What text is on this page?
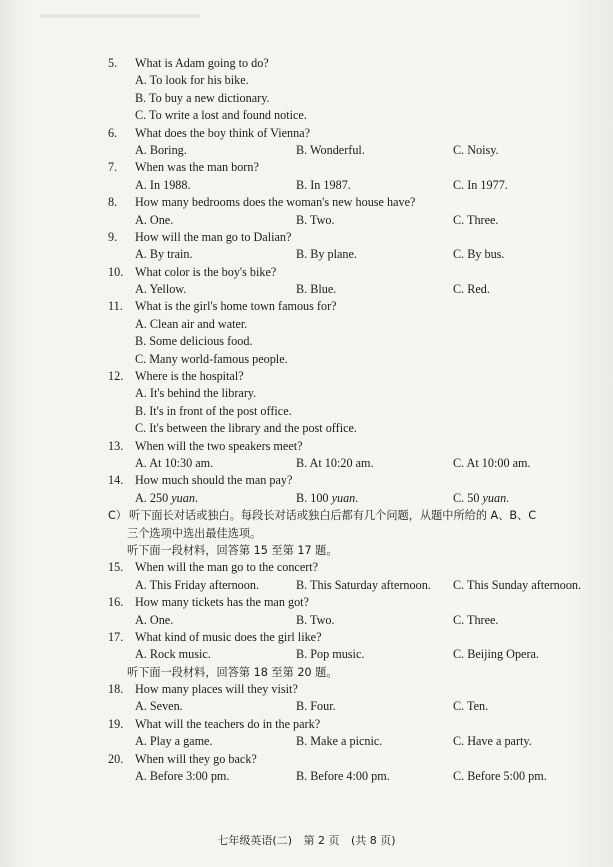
5.	What is Adam going to do?
A. To look for his bike.
B. To buy a new dictionary.
C. To write a lost and found notice.
6.	What does the boy think of Vienna?
A. Boring.	B. Wonderful.	C. Noisy.
7.	When was the man born?
A. In 1988.	B. In 1987.	C. In 1977.
8.	How many bedrooms does the woman's new house have?
A. One.	B. Two.	C. Three.
9.	How will the man go to Dalian?
A. By train.	B. By plane.	C. By bus.
10. What color is the boy's bike?
A. Yellow.	B. Blue.	C. Red.
11.	What is the girl's home town famous for?
A. Clean air and water.
B. Some delicious food.
C. Many world-famous people.
12. Where is the hospital?
A. It's behind the library.
B. It's in front of the post office.
C. It's between the library and the post office.
13. When will the two speakers meet?
A. At 10:30 am.	B. At 10:20 am.	C. At 10:00 am.
14. How much should the man pay?
A. 250 yuan.	B. 100 yuan.	C. 50 yuan.
C） 听下面长对话或独白。每段长对话或独白后都有几个问题，从题中所给的 A、B、C
三个选项中选出最佳选项。
听下面一段材料，回答第 15 至第 17 题。
15. When will the man go to the concert?
A. This Friday afternoon.	B. This Saturday afternoon. C. This Sunday afternoon.
16. How many tickets has the man got?
A. One.	B. Two.	C. Three.
17. What kind of music does the girl like?
A. Rock music.	B. Pop music.	C. Beijing Opera.
听下面一段材料，回答第 18 至第 20 题。
18. How many places will they visit?
A. Seven.	B. Four.	C. Ten.
19. What will the teachers do in the park?
A. Play a game.	B. Make a picnic.	C. Have a party.
20. When will they go back?
A. Before 3:00 pm.	B. Before 4:00 pm.	C. Before 5:00 pm.
七年级英语(二) 第 2 页 (共 8 页)
